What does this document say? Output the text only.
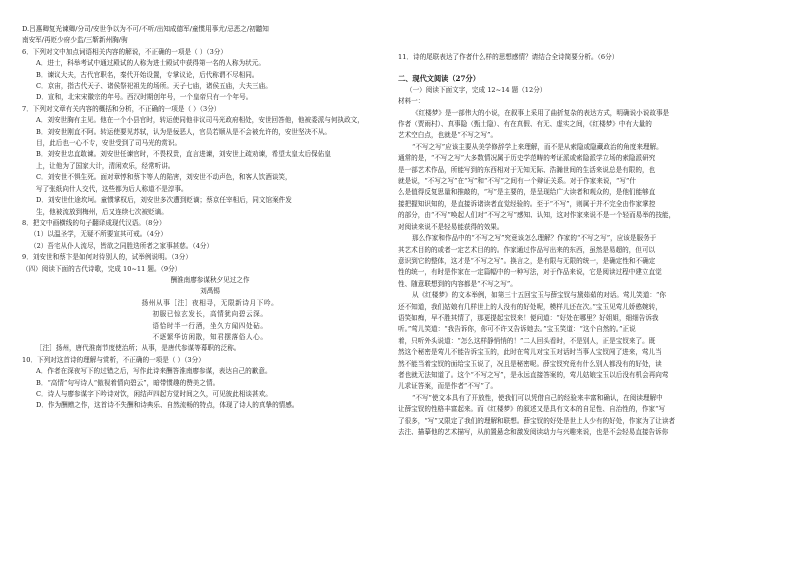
D.吕惠卿复光谏卿/分司/安世争以为不可/不听/出知成德军/童惯用事尤/忌恶之/初聽知
南安军/再贬少府少监/三靳新州胸/驹
6．下列对文中加点词语相关内容的解说，不正确的一项是（ ）（3分）
A．进士，科举考试中通过殿试的人称为进士殿试中获得第一名的人称为状元。
B．谏议大夫，古代官职名，秦代开始设置，专掌议论，后代称谓不尽相同。
C．京宙，指古代天子、诸侯祭祀祖先的场所。天子七庙，诸侯五庙，大夫三庙。
D．宣和，北宋宋徽宗的年号。西汉时期创年号，一个皇帝只有一个年号。
7．下列对文章有关内容的概括和分析，不正确的一项是（ ）（3分）
A．刘安世胸有主见。他在一个小县官时，转运使同他非议司马光政府相处，安世回答他，他被委派与何执政文，
B．刘安世刚直不阿。转运使要见苏轼，认为是佞恶人，官员若顺从是不会被允许的，安世坚决不从。
目，此后也一心不专，安世受到了司马光的赏识。
B．刘安世忠直敢谏。刘安世任谏官时，不畏权贵，直言进谏，刘安世上疏劝谏，希望太皇太后保佑皇
上，让他为了国家大计，清闲欢乐，经常听讲。
C．刘安世不惧生死。面对章惇和蔡卞等人的陷害，刘安世不动声色，和客人饮酒谈笑，
写了张纸向什人交代，这些都为后人称道不是淳事。
D．刘安世仕途坎坷。童惯掌权后，刘安世多次遭到贬谪；蔡京任宰相后，同文馆案件发
生，他被流放到梅州，后又连续七次被贬谪。
8．把文中画横线的句子翻译成现代汉语。（8分）
（1）以温圣学，无疑不所要宣其可戒。（4分）
（2）吾宅从仆人流尽，皆欲之同胜迭所者之家事甚慈。（4分）
9．刘安世和蔡卞是如何对待别人的，试举例说明。（3分）
（四）阅读下面的古代诗歌，完成 10~11 题。（9分）
酬淮南廖参谋秋夕见过之作
刘禹锡
扬州从事［注］夜相寻，无限新诗月下吟。
初服已惊玄发长，高情犹向碧云深。
语恰时半一行酒，坐久方闻四处砧。
不逐繁华访闲散，知君摆落俗人心。
［注］扬州，唐代淮南节度使治所；从事，是唐代参谋等幕职的泛称。
10．下列对这首诗的理解与赏析，不正确的一项是（ ）（3分）
A．作者在深夜写下的过错之后，写作此诗来酬答淮南廖参谋，表达自己的歉意。
B．“高情”句写诗人“傲视着情向碧云”，暗带惯趣的赞美之情。
C．诗人与廖参谋字下吟诗对饮，闲结声四起方觉时间之久，可见彼此相谈甚欢。
D．作为酬赠之作，这首诗不失酬和诗典乐、自然流畅的特点，体现了诗人的真挚的情感。
11．诗的尾联表达了作者什么样的思想感情？请结合全诗简要分析。（6分）
二、现代文阅读（27分）
（一）阅读下面文字，完成 12~14 题（12分）
材料一：
《红楼梦》是一部伟大的小说，在叙事上采用了曲折复杂的表达方式，明确说小说故事是
作者（贾雨村）、真事隐（甄士隐）、有在真假、有无、虚实之间，《红楼梦》中有大量的
艺术空白点，也就是“不写之写”。
“不写之写”应该主要从美学修辞学上来理解，而不是从索隐或隐藏政治的角度来理解。
通常的是，“不写之写”大多数情况属于历史学范畴的考证派或索隐派学立场的索隐派研究
是一部艺术作品，所能写到的东西相对于无知无际、浩瀚世间的生活来说总是有限的，也
就是说，“不写之写”在“写”和“不写”之间有一个辩证关系。对于作家来说，“写”什
么是值得反复思量和推敲的，“写”是主要的，是呈现给广大读者和观众的，是他们能够直
接把握知识知的，是直接诉诸读者直觉经验的。至于“不写”，则属于并不完全由作家掌控
的部分，由“不写”唤起人们对“不写之写”感知、认知，这对作家来说不是一个轻而易举的技能，
对阅读来说不是轻易能获得的效果。
那么作家和作品中的“不写之写”究竟该怎么理解？作家的“不写之写”，应该是服务于
其艺术目的的或者一定艺术目的的。作家通过作品写出来的东西，虽然是易超的，但可以
意识到它的整体，这才是“不写之写”。换言之，是有限与无限的统一，是确定性和不确定
性的统一，有时是作家在一定篇幅中的一种写法，对于作品来说，它是阅读过程中建立直觉
性、随意联想到的内容都是“不写之写”。
从《红楼梦》的文本举例，如第三十五回宝玉与薛宝钗与黛茹茹的对话。莺儿笑道：“你
还不知道，我们姑娘有几样世上的人没有的好处呢，模样儿还在次。”宝玉见莺儿娇憨婉转，
语笑如痴，早不胜其情了，那更提起宝钗来！便问道：“好处在哪里？好姐姐，细细告诉我
听。”莺儿笑道：“我告诉你，你可不许又告诉她去。”宝玉笑道：“这个自然的。”正说
着，只听外头说道：“怎么这样静悄悄的！”二人回头看时，不是别人，正是宝钗来了。既
然这个秘密是莺儿不能告诉宝玉的，此时在莺儿对宝玉对话时当事人宝钗闯了进来，莺儿当
然不能当着宝钗的面给宝玉说了，况且是秘密呢。薛宝钗究竟有什么别人都没有的好处，读
者也就无法知道了。这个“不写之写”，是永远直接答案的，莺儿姑娘宝玉以后没有机会再向莺
儿求证答案，而是作者“不写”了。
“不写”使文本具有了开放性，使我们可以凭借自己的经验来丰富和确认，在阅读理解中
让薛宝钗的性格丰富起来。而《红楼梦》的叙述又是具有文本的自足性、自治性的，作家“写
了很多，“写”又限定了我们的理解和联想。薛宝钗的好处是世上人少有的好处，作家为了让读者
去注、描摹他的艺术描写，从前置悬念和激发阅读动力与兴趣来说，也是不会轻易直接告诉你
